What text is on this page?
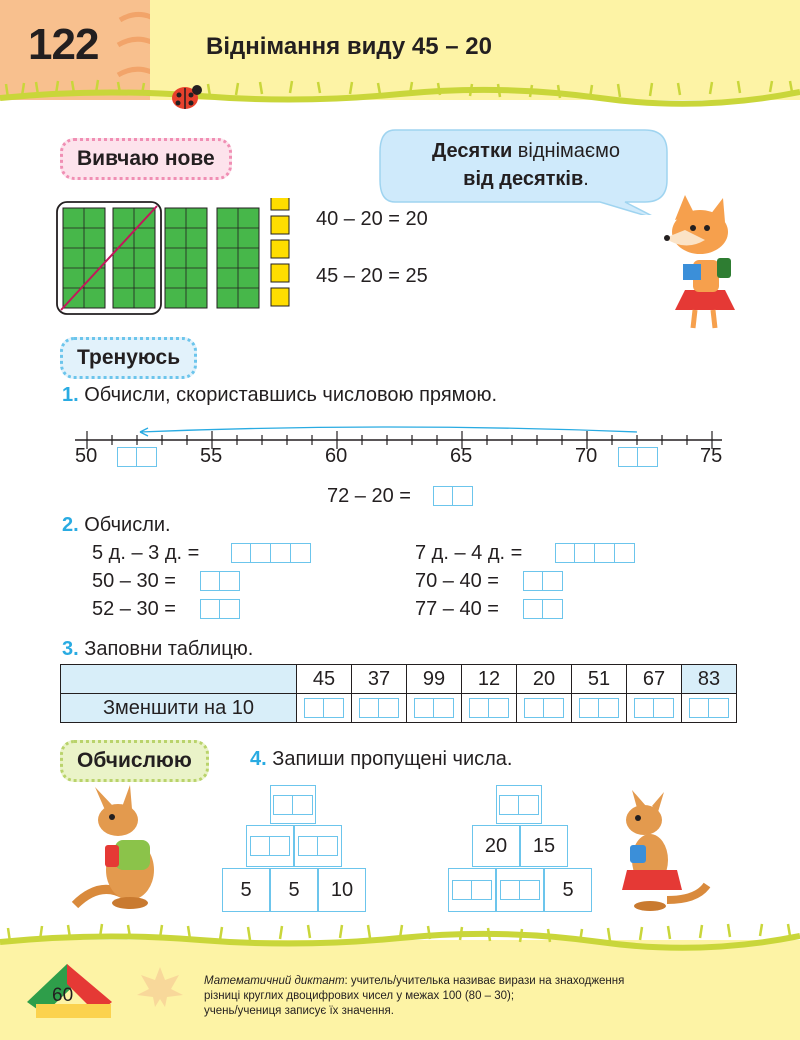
122	Віднімання виду 45 – 20
Вивчаю нове	Десятки віднімаємо
від десятків.
40 – 20 = 20
45 – 20 = 25
Тренуюсь
1. Обчисли, скориставшись числовою прямою.
50	55	60	65	70	75
72 – 20 =
2. Обчисли.
5 д. – 3 д. =
50 – 30 =
52 – 30 =
7 д. – 4 д. =
70 – 40 =
77 – 40 =
3. Заповни таблицю.
	45	37	99	12	20	51	67	83
Зменшити на 10	

Обчислюю	4. Запиши пропущені числа.
5	5	10
20	15
5
60
Математичний диктант: учитель/учителька називає вирази на знаходження
різниці круглих двоцифрових чисел у межах 100 (80 – 30);
учень/учениця записує їх значення.
